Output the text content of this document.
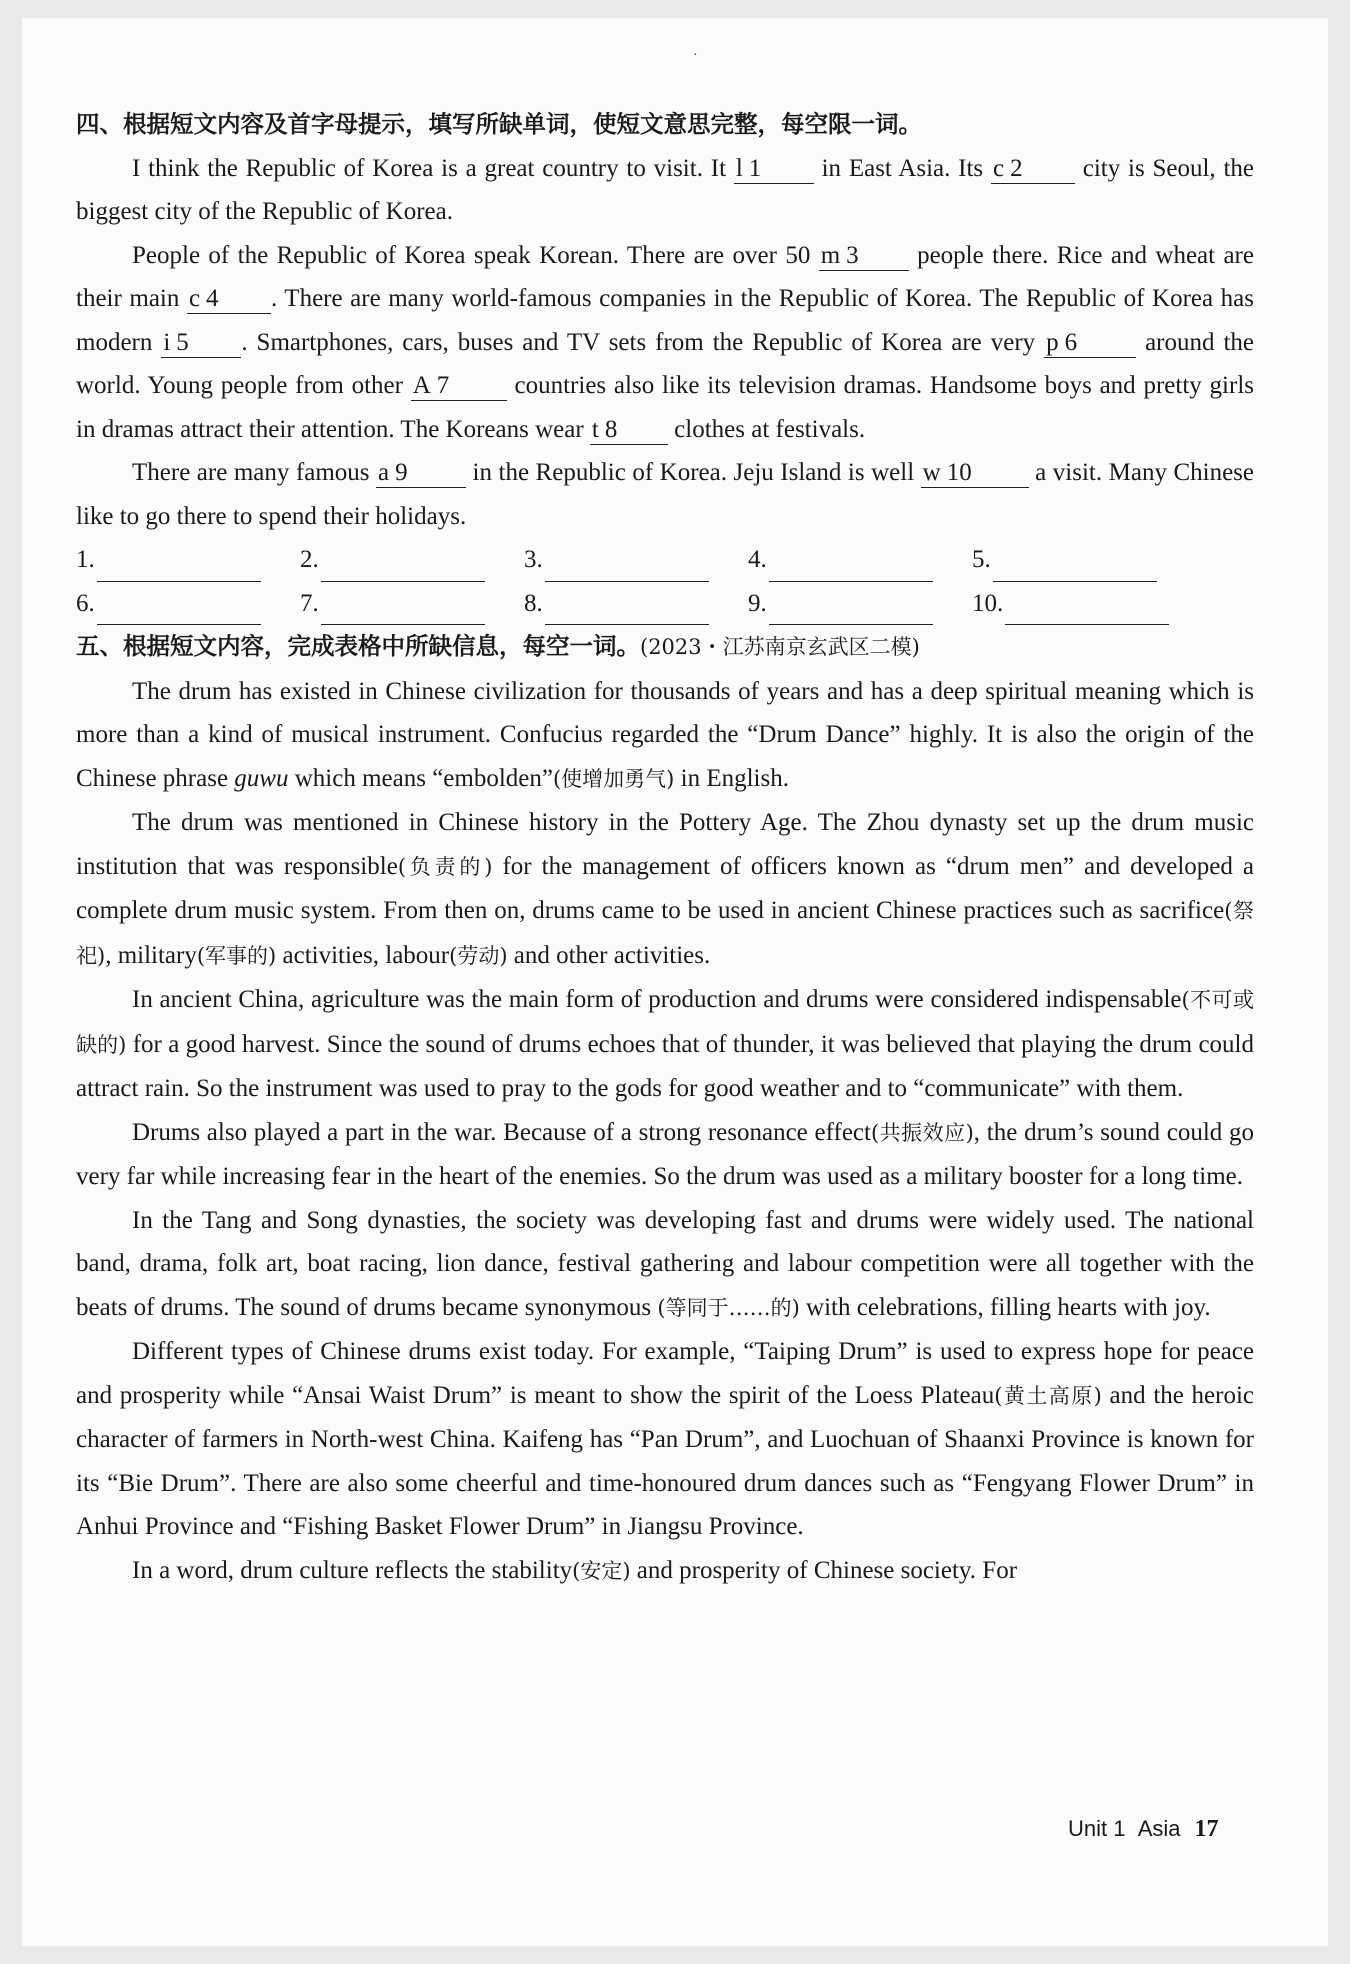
·
四、根据短文内容及首字母提示，填写所缺单词，使短文意思完整，每空限一词。

I think the Republic of Korea is a great country to visit. It l 1 in East Asia. Its c 2 city is Seoul, the biggest city of the Republic of Korea.

People of the Republic of Korea speak Korean. There are over 50 m 3 people there. Rice and wheat are their main c 4 . There are many world-famous companies in the Republic of Korea. The Republic of Korea has modern i 5 . Smartphones, cars, buses and TV sets from the Republic of Korea are very p 6 around the world. Young people from other A 7 countries also like its television dramas. Handsome boys and pretty girls in dramas attract their attention. The Koreans wear t 8 clothes at festivals.

There are many famous a 9 in the Republic of Korea. Jeju Island is well w 10 a visit. Many Chinese like to go there to spend their holidays.

1.	2.	3.	4.	5.
6.	7.	8.	9.	10.
五、根据短文内容，完成表格中所缺信息，每空一词。(2023・江苏南京玄武区二模)

The drum has existed in Chinese civilization for thousands of years and has a deep spiritual meaning which is more than a kind of musical instrument. Confucius regarded the “Drum Dance” highly. It is also the origin of the Chinese phrase guwu which means “embolden”(使增加勇气) in English.

The drum was mentioned in Chinese history in the Pottery Age. The Zhou dynasty set up the drum music institution that was responsible(负责的) for the management of officers known as “drum men” and developed a complete drum music system. From then on, drums came to be used in ancient Chinese practices such as sacrifice(祭祀), military(军事的) activities, labour(劳动) and other activities.

In ancient China, agriculture was the main form of production and drums were considered indispensable(不可或缺的) for a good harvest. Since the sound of drums echoes that of thunder, it was believed that playing the drum could attract rain. So the instrument was used to pray to the gods for good weather and to “communicate” with them.

Drums also played a part in the war. Because of a strong resonance effect(共振效应), the drum’s sound could go very far while increasing fear in the heart of the enemies. So the drum was used as a military booster for a long time.

In the Tang and Song dynasties, the society was developing fast and drums were widely used. The national band, drama, folk art, boat racing, lion dance, festival gathering and labour competition were all together with the beats of drums. The sound of drums became synonymous (等同于……的) with celebrations, filling hearts with joy.

Different types of Chinese drums exist today. For example, “Taiping Drum” is used to express hope for peace and prosperity while “Ansai Waist Drum” is meant to show the spirit of the Loess Plateau(黄土高原) and the heroic character of farmers in North-west China. Kaifeng has “Pan Drum”, and Luochuan of Shaanxi Province is known for its “Bie Drum”. There are also some cheerful and time-honoured drum dances such as “Fengyang Flower Drum” in Anhui Province and “Fishing Basket Flower Drum” in Jiangsu Province.

In a word, drum culture reflects the stability(安定) and prosperity of Chinese society. For

Unit 1 Asia 17
